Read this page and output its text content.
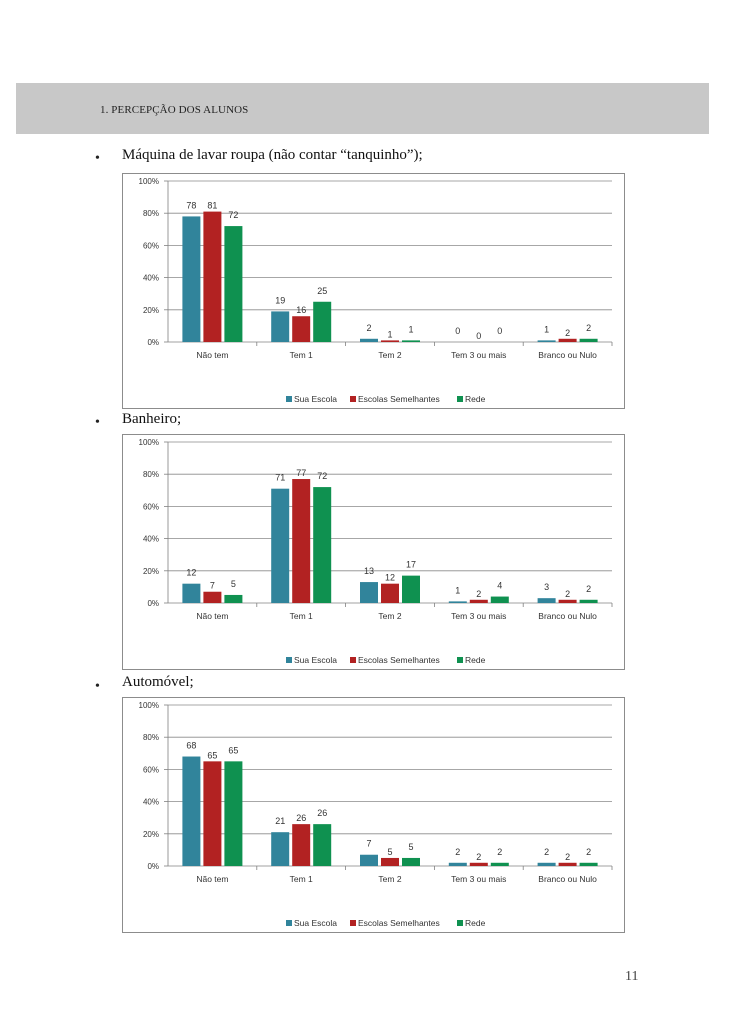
1. PERCEPÇÃO DOS ALUNOS
• Máquina de lavar roupa (não contar “tanquinho”);
0%
20%
40%
60%
80%
100%
Não tem
78 81
72
Tem 1
19
16
25
Tem 2
2
1 1
Tem 3 ou mais
0 0 0
Branco ou Nulo
1 2 2
Sua Escola Escolas Semelhantes	Rede
• Banheiro;
0%
20%
40%
60%
80%
100%
Não tem
12
7 5
Tem 1
71 77 72
Tem 2
13
12
17
Tem 3 ou mais
1 2
4
Branco ou Nulo
3
2 2
Sua Escola Escolas Semelhantes	Rede
• Automóvel;
0%
20%
40%
60%
80%
100%
Não tem
68
65 65
Tem 1
21 26 26
Tem 2
7
5 5
Tem 3 ou mais
2 2 2
Branco ou Nulo
2 2 2
Sua Escola Escolas Semelhantes	Rede
11
